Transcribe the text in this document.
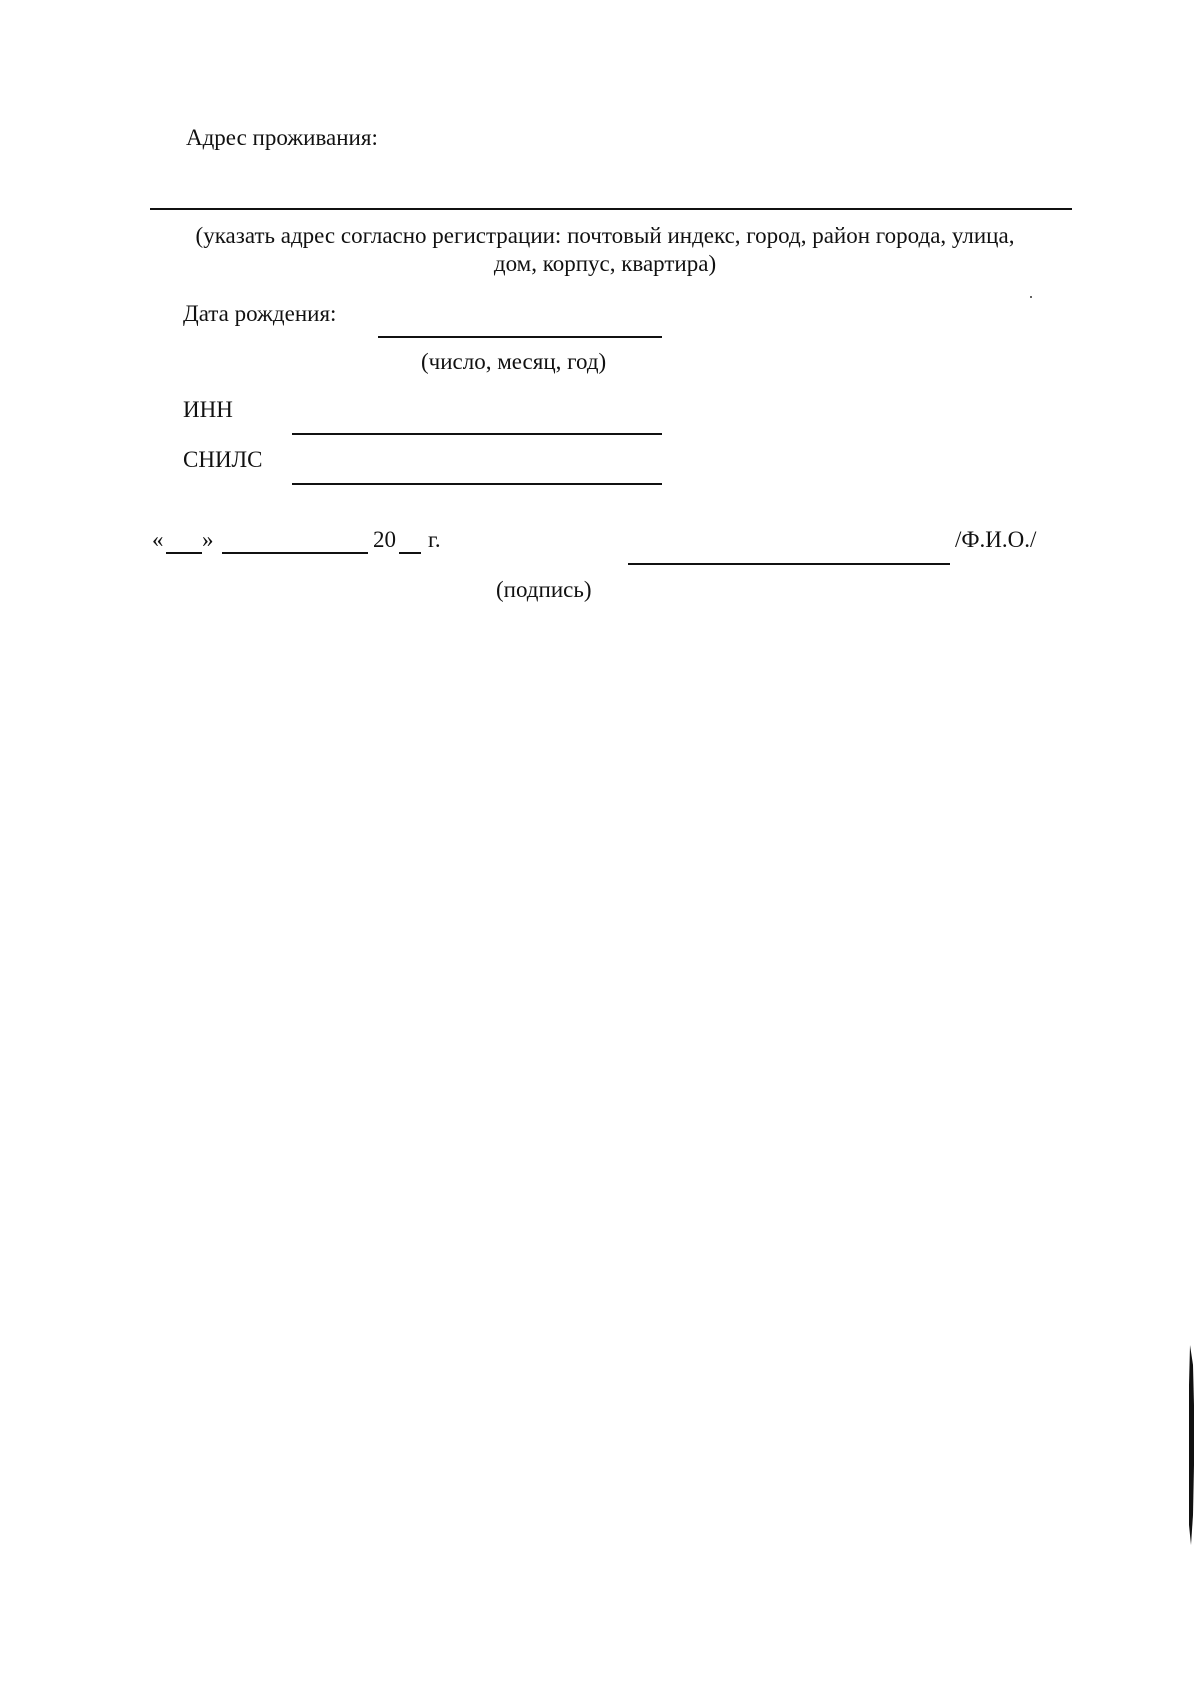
Адрес проживания:
(указать адрес согласно регистрации: почтовый индекс, город, район города, улица,
дом, корпус, квартира)
Дата рождения:
(число, месяц, год)
ИНН
СНИЛС
« »	20 г.	/Ф.И.О./
(подпись)
